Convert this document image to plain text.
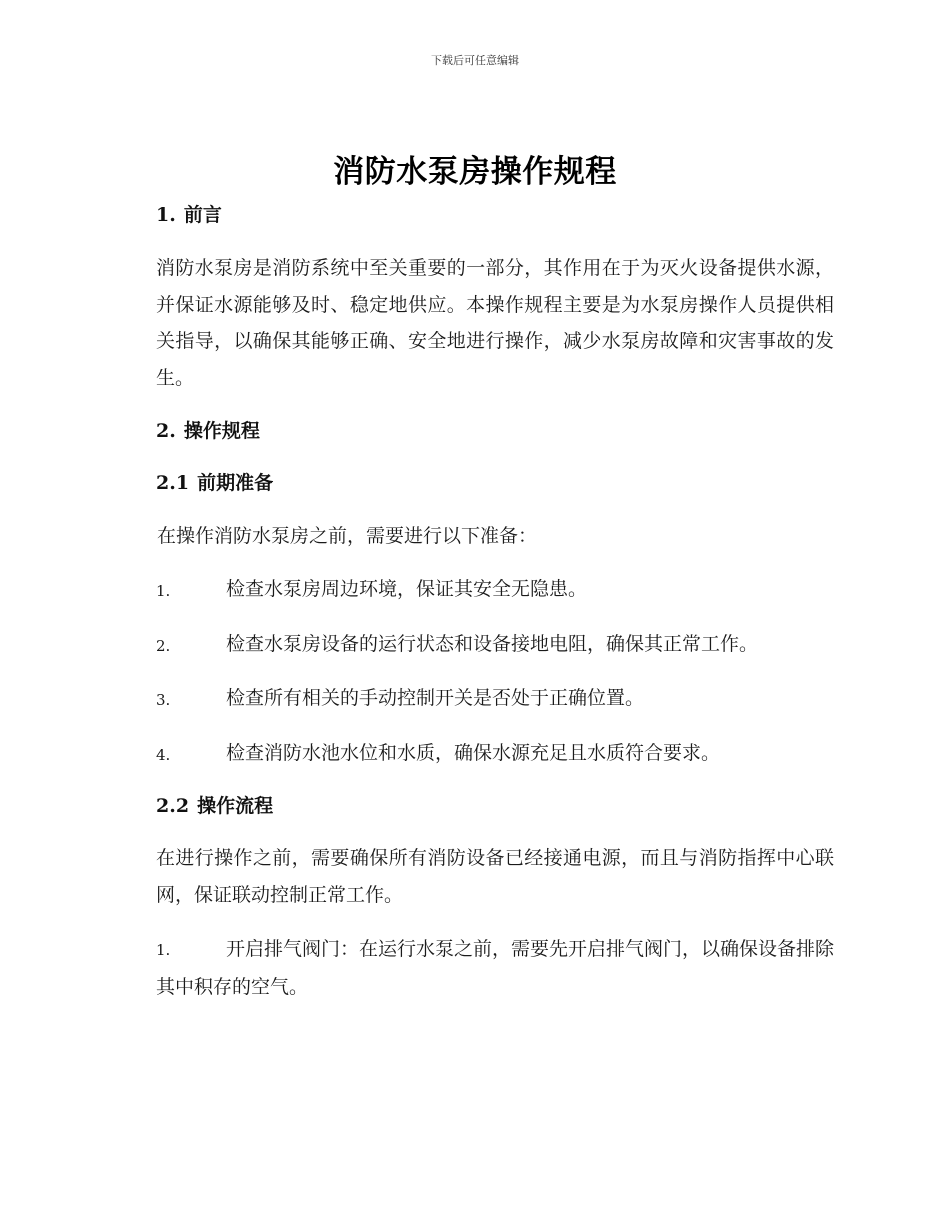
下载后可任意编辑
消防水泵房操作规程
1. 前言
消防水泵房是消防系统中至关重要的一部分，其作用在于为灭火设备提供水源，并保证水源能够及时、稳定地供应。本操作规程主要是为水泵房操作人员提供相关指导，以确保其能够正确、安全地进行操作，减少水泵房故障和灾害事故的发生。
2. 操作规程
2.1 前期准备
在操作消防水泵房之前，需要进行以下准备：
1.	检查水泵房周边环境，保证其安全无隐患。
2.	检查水泵房设备的运行状态和设备接地电阻，确保其正常工作。
3.	检查所有相关的手动控制开关是否处于正确位置。
4.	检查消防水池水位和水质，确保水源充足且水质符合要求。
2.2 操作流程
在进行操作之前，需要确保所有消防设备已经接通电源，而且与消防指挥中心联网，保证联动控制正常工作。
1.	开启排气阀门：在运行水泵之前，需要先开启排气阀门，以确保设备排除其中积存的空气。
